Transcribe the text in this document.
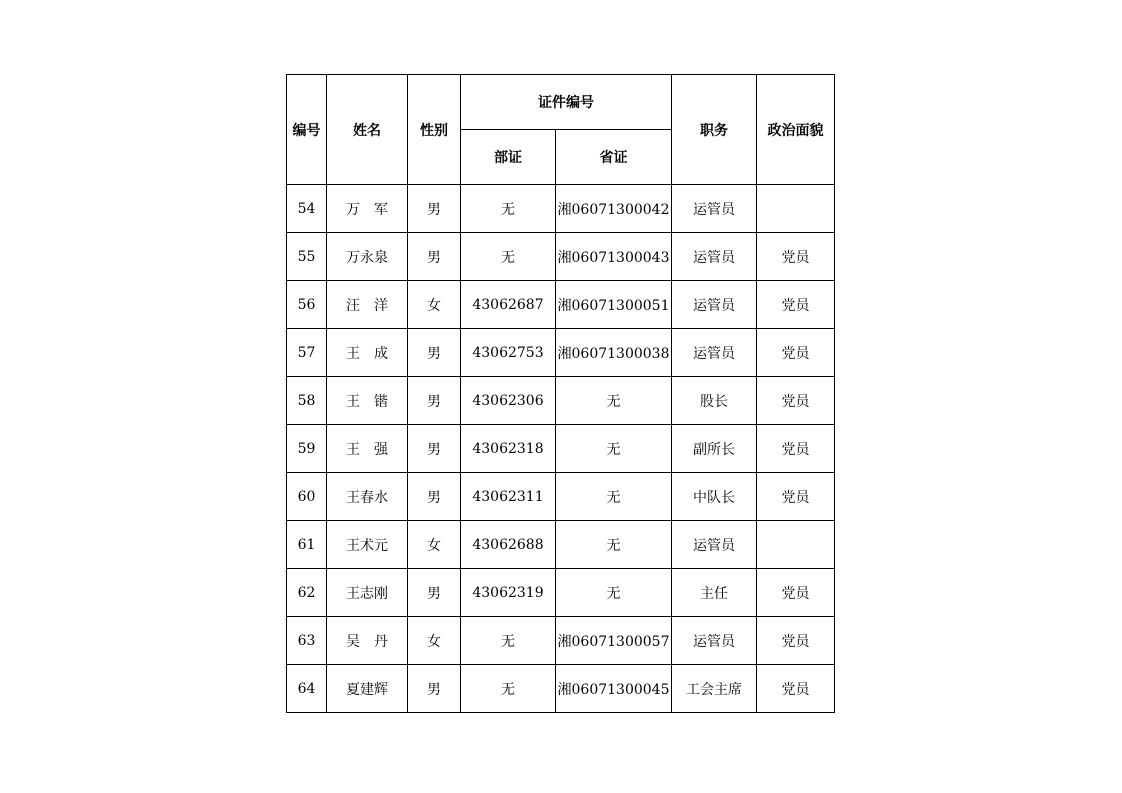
编号	姓名	性别	证件编号		职务	政治面貌
			部证	省证		
54	万　军	男	无	湘06071300042	运管员	
55	万永泉	男	无	湘06071300043	运管员	党员
56	汪　洋	女	43062687	湘06071300051	运管员	党员
57	王　成	男	43062753	湘06071300038	运管员	党员
58	王　锴	男	43062306	无	股长	党员
59	王　强	男	43062318	无	副所长	党员
60	王春水	男	43062311	无	中队长	党员
61	王术元	女	43062688	无	运管员	
62	王志刚	男	43062319	无	主任	党员
63	吴　丹	女	无	湘06071300057	运管员	党员
64	夏建辉	男	无	湘06071300045	工会主席	党员
